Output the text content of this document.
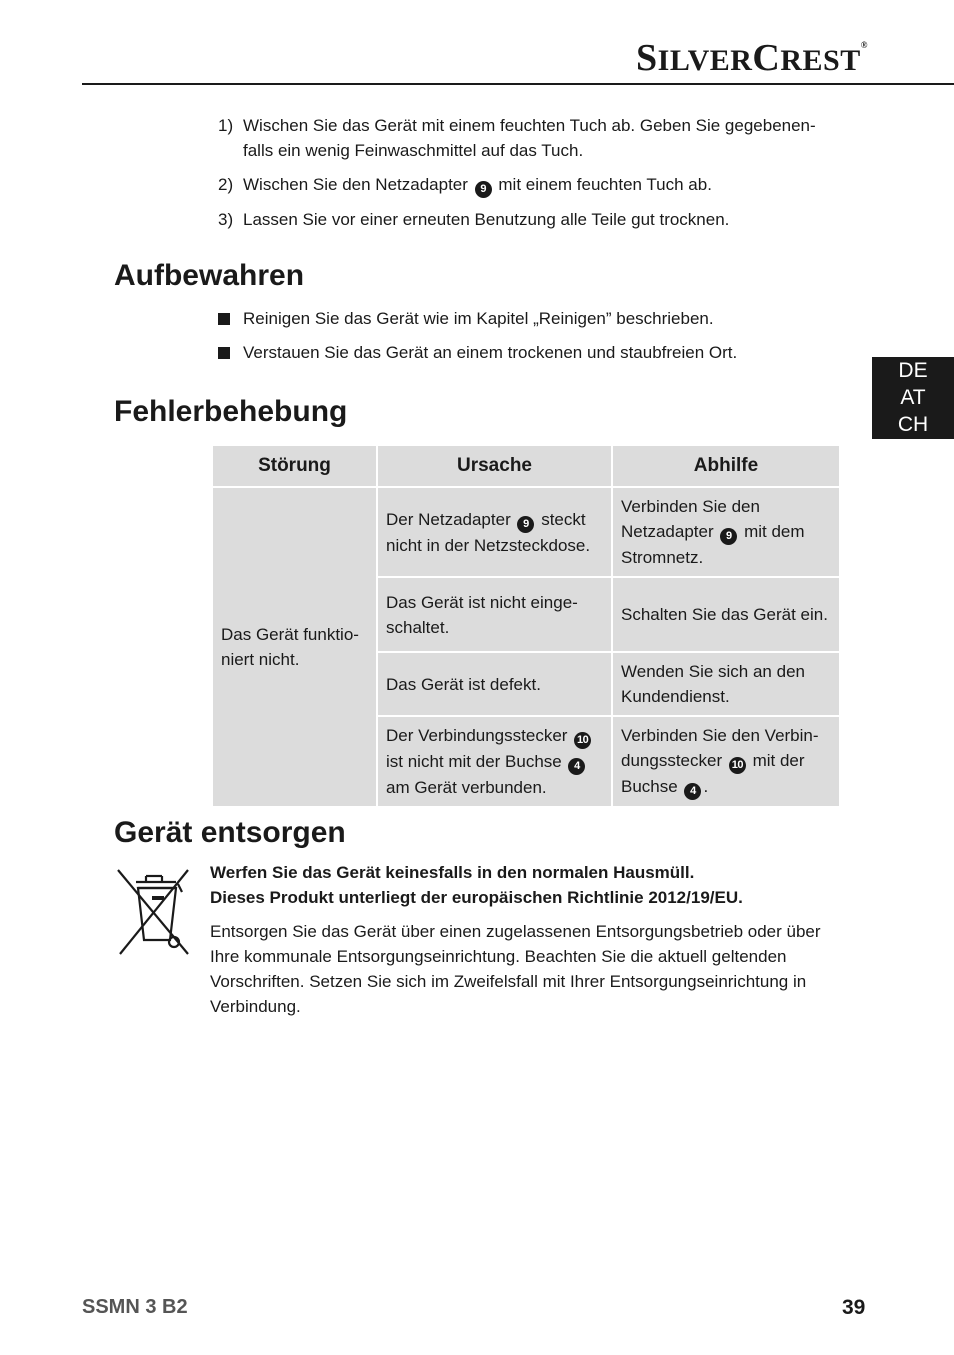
SILVERCREST®
1) Wischen Sie das Gerät mit einem feuchten Tuch ab. Geben Sie gegebenen-falls ein wenig Feinwaschmittel auf das Tuch.
2) Wischen Sie den Netzadapter 9 mit einem feuchten Tuch ab.
3) Lassen Sie vor einer erneuten Benutzung alle Teile gut trocknen.
Aufbewahren
Reinigen Sie das Gerät wie im Kapitel „Reinigen” beschrieben.
Verstauen Sie das Gerät an einem trockenen und staubfreien Ort.
DE
AT
CH
Fehlerbehebung
Störung	Ursache	Abhilfe
Das Gerät funktio-niert nicht.	Der Netzadapter 9 steckt nicht in der Netzsteckdose.	Verbinden Sie den Netzadapter 9 mit dem Stromnetz.
	Das Gerät ist nicht einge-schaltet.	Schalten Sie das Gerät ein.
	Das Gerät ist defekt.	Wenden Sie sich an den Kundendienst.
	Der Verbindungsstecker 10 ist nicht mit der Buchse 4 am Gerät verbunden.	Verbinden Sie den Verbin-dungsstecker 10 mit der Buchse 4 .
Gerät entsorgen

Werfen Sie das Gerät keinesfalls in den normalen Hausmüll.
Dieses Produkt unterliegt der europäischen Richtlinie 2012/19/EU.

Entsorgen Sie das Gerät über einen zugelassenen Entsorgungsbetrieb oder über Ihre kommunale Entsorgungseinrichtung. Beachten Sie die aktuell geltenden Vorschriften. Setzen Sie sich im Zweifelsfall mit Ihrer Entsorgungseinrichtung in Verbindung.

SSMN 3 B2	39
